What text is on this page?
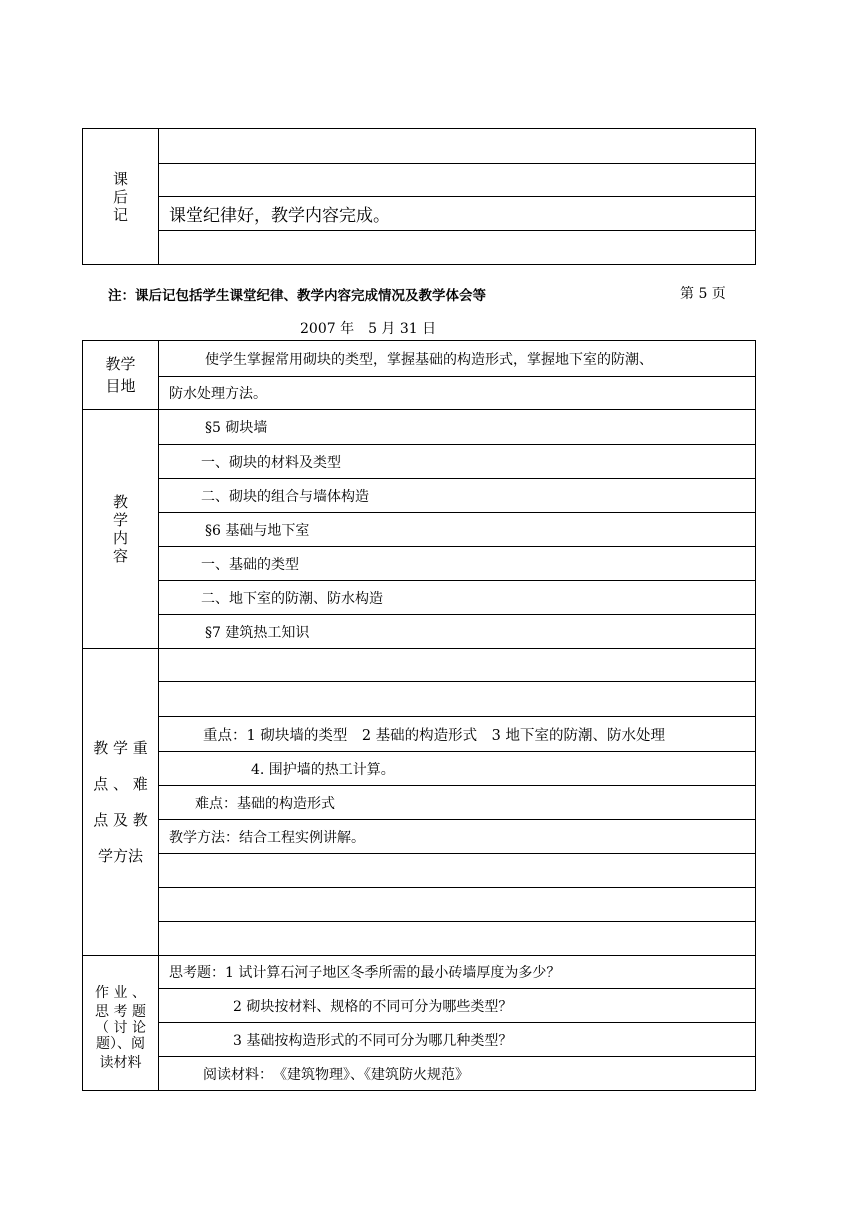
课
后
记

课堂纪律好，教学内容完成。

注：课后记包括学生课堂纪律、教学内容完成情况及教学体会等	第 5 页
2007 年　5 月 31 日
教学
目地	使学生掌握常用砌块的类型，掌握基础的构造形式，掌握地下室的防潮、
	防水处理方法。

教
学
内
容	§5 砌块墙
	一、砌块的材料及类型
	二、砌块的组合与墙体构造
	§6 基础与地下室
	一、基础的类型
	二、地下室的防潮、防水构造
	§7 建筑热工知识

教 学 重
点 、 难
点 及 教
学方法	

	重点：1 砌块墙的类型　2 基础的构造形式　3 地下室的防潮、防水处理
	4. 围护墙的热工计算。
	难点：基础的构造形式
	教学方法：结合工程实例讲解。

作 业 、
思 考 题
（ 讨 论
题）、阅
读材料	思考题：1 试计算石河子地区冬季所需的最小砖墙厚度为多少？
	2 砌块按材料、规格的不同可分为哪些类型？
	3 基础按构造形式的不同可分为哪几种类型？
	阅读材料：　《建筑物理》、《建筑防火规范》
